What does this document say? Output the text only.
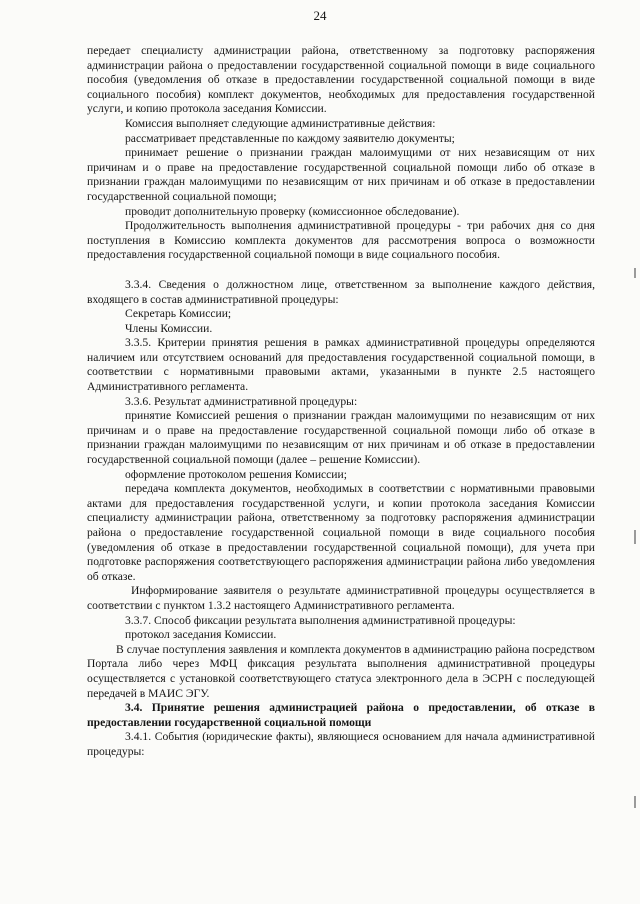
24

передает специалисту администрации района, ответственному за подготовку распоряжения администрации района о предоставлении государственной социальной помощи в виде социального пособия (уведомления об отказе в предоставлении государственной социальной помощи в виде социального пособия) комплект документов, необходимых для предоставления государственной услуги, и копию протокола заседания Комиссии.

Комиссия выполняет следующие административные действия:

рассматривает представленные по каждому заявителю документы;

принимает решение о признании граждан малоимущими от них независящим от них причинам и о праве на предоставление государственной социальной помощи либо об отказе в признании граждан малоимущими по независящим от них причинам и об отказе в предоставлении государственной социальной помощи;

проводит дополнительную проверку (комиссионное обследование).

Продолжительность выполнения административной процедуры - три рабочих дня со дня поступления в Комиссию комплекта документов для рассмотрения вопроса о возможности предоставления государственной социальной помощи в виде социального пособия.

3.3.4. Сведения о должностном лице, ответственном за выполнение каждого действия, входящего в состав административной процедуры:

Секретарь Комиссии;

Члены Комиссии.

3.3.5. Критерии принятия решения в рамках административной процедуры определяются наличием или отсутствием оснований для предоставления государственной социальной помощи, в соответствии с нормативными правовыми актами, указанными в пункте 2.5 настоящего Административного регламента.

3.3.6. Результат административной процедуры:

принятие Комиссией решения о признании граждан малоимущими по независящим от них причинам и о праве на предоставление государственной социальной помощи либо об отказе в признании граждан малоимущими по независящим от них причинам и об отказе в предоставлении государственной социальной помощи (далее – решение Комиссии).

оформление протоколом решения Комиссии;

передача комплекта документов, необходимых в соответствии с нормативными правовыми актами для предоставления государственной услуги, и копии протокола заседания Комиссии специалисту администрации района, ответственному за подготовку распоряжения администрации района о предоставление государственной социальной помощи в виде социального пособия (уведомления об отказе в предоставлении государственной социальной помощи), для учета при подготовке распоряжения соответствующего распоряжения администрации района либо уведомления об отказе.

Информирование заявителя о результате административной процедуры осуществляется в соответствии с пунктом 1.3.2 настоящего Административного регламента.

3.3.7. Способ фиксации результата выполнения административной процедуры:

протокол заседания Комиссии.

В случае поступления заявления и комплекта документов в администрацию района посредством Портала либо через МФЦ фиксация результата выполнения административной процедуры осуществляется с установкой соответствующего статуса электронного дела в ЭСРН с последующей передачей в МАИС ЭГУ.

3.4. Принятие решения администрацией района о предоставлении, об отказе в предоставлении государственной социальной помощи

3.4.1. События (юридические факты), являющиеся основанием для начала административной процедуры:
